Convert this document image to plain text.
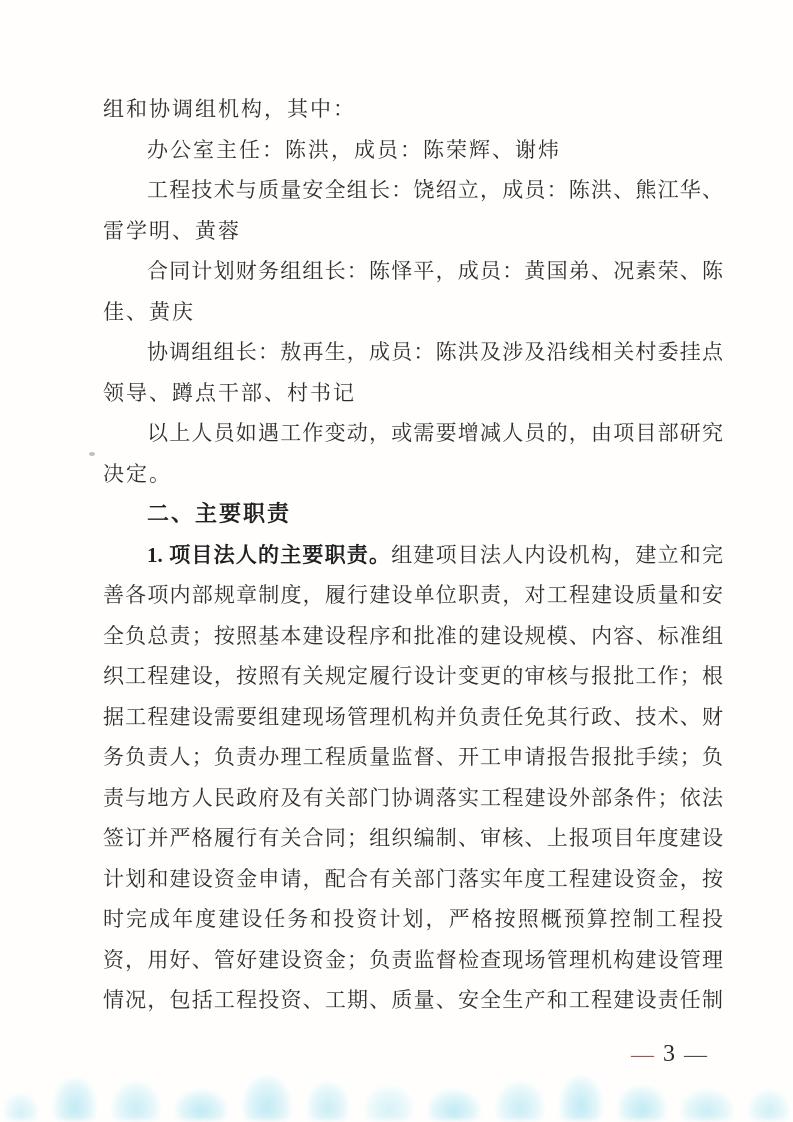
组和协调组机构，其中：
办公室主任：陈洪，成员：陈荣辉、谢炜
工程技术与质量安全组长：饶绍立，成员：陈洪、熊江华、
雷学明、黄蓉
合同计划财务组组长：陈怿平，成员：黄国弟、况素荣、陈
佳、黄庆
协调组组长：敖再生，成员：陈洪及涉及沿线相关村委挂点
领导、蹲点干部、村书记
以上人员如遇工作变动，或需要增减人员的，由项目部研究
决定。
二、主要职责
1. 项目法人的主要职责。组建项目法人内设机构，建立和完
善各项内部规章制度，履行建设单位职责，对工程建设质量和安
全负总责；按照基本建设程序和批准的建设规模、内容、标准组
织工程建设，按照有关规定履行设计变更的审核与报批工作；根
据工程建设需要组建现场管理机构并负责任免其行政、技术、财
务负责人；负责办理工程质量监督、开工申请报告报批手续；负
责与地方人民政府及有关部门协调落实工程建设外部条件；依法
签订并严格履行有关合同；组织编制、审核、上报项目年度建设
计划和建设资金申请，配合有关部门落实年度工程建设资金，按
时完成年度建设任务和投资计划，严格按照概预算控制工程投
资，用好、管好建设资金；负责监督检查现场管理机构建设管理
情况，包括工程投资、工期、质量、安全生产和工程建设责任制
— 3 —
